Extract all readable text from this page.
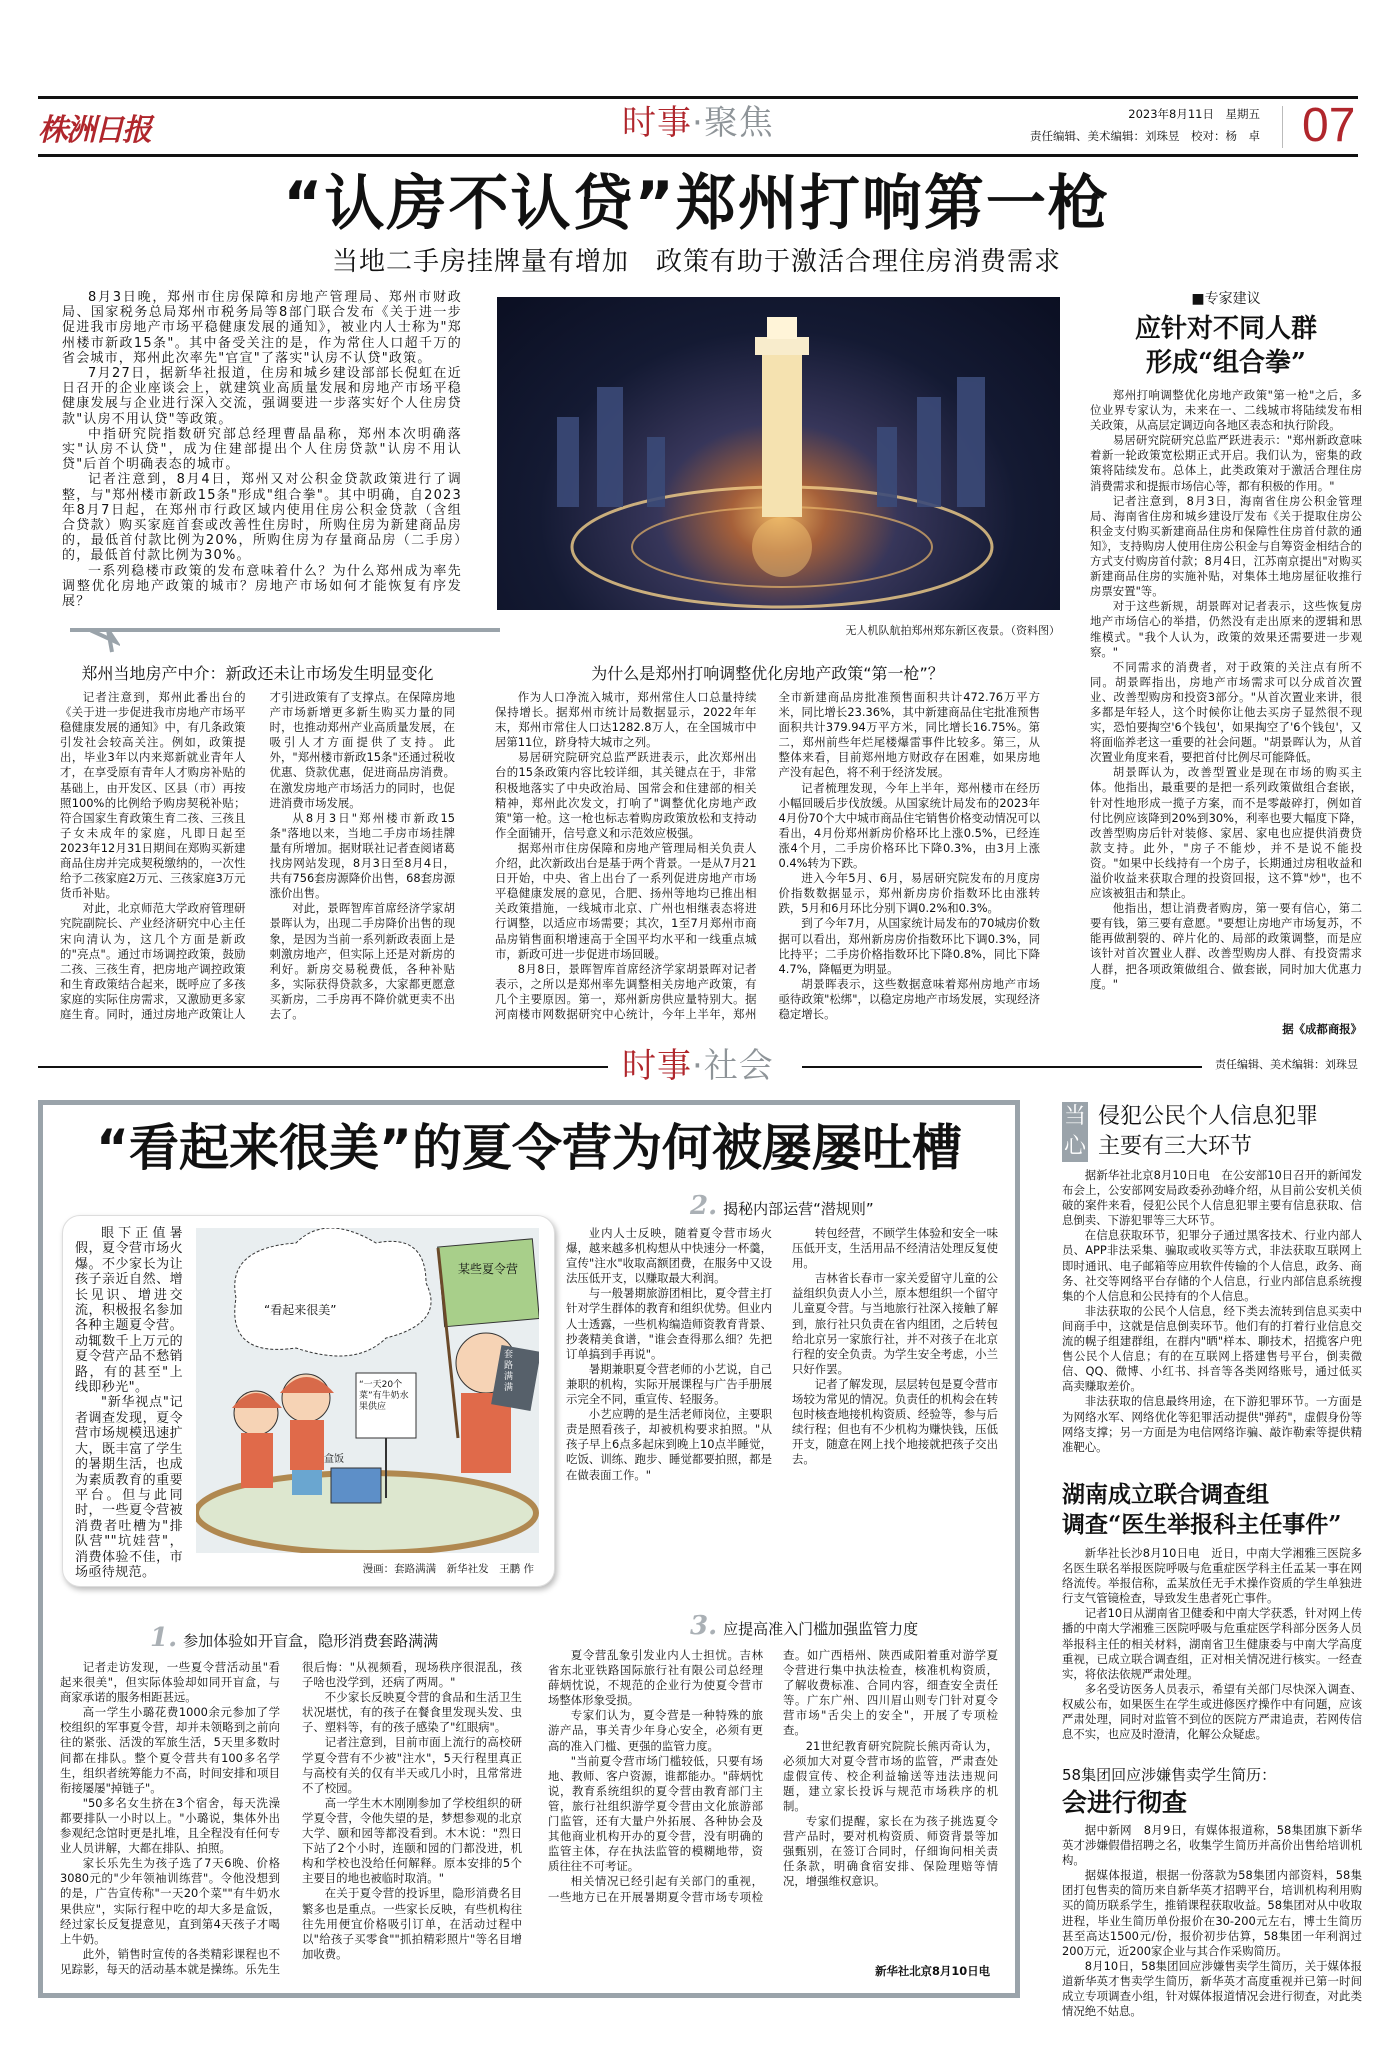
株洲日报	时事·聚焦	2023年8月11日　星期五
责任编辑、美术编辑：刘珠昱　校对：杨　卓 07
“认房不认贷”郑州打响第一枪
当地二手房挂牌量有增加　政策有助于激活合理住房消费需求

8月3日晚，郑州市住房保障和房地产管理局、郑州市财政局、国家税务总局郑州市税务局等8部门联合发布《关于进一步促进我市房地产市场平稳健康发展的通知》，被业内人士称为"郑州楼市新政15条"。其中备受关注的是，作为常住人口超千万的省会城市，郑州此次率先"官宣"了落实"认房不认贷"政策。

7月27日，据新华社报道，住房和城乡建设部部长倪虹在近日召开的企业座谈会上，就建筑业高质量发展和房地产市场平稳健康发展与企业进行深入交流，强调要进一步落实好个人住房贷款"认房不用认贷"等政策。

中指研究院指数研究部总经理曹晶晶称，郑州本次明确落实"认房不认贷"，成为住建部提出个人住房贷款"认房不用认贷"后首个明确表态的城市。

记者注意到，8月4日，郑州又对公积金贷款政策进行了调整，与"郑州楼市新政15条"形成"组合拳"。其中明确，自2023年8月7日起，在郑州市行政区域内使用住房公积金贷款（含组合贷款）购买家庭首套或改善性住房时，所购住房为新建商品房的，最低首付款比例为20%，所购住房为存量商品房（二手房）的，最低首付款比例为30%。

一系列稳楼市政策的发布意味着什么？为什么郑州成为率先调整优化房地产政策的城市？房地产市场如何才能恢复有序发展？

无人机队航拍郑州郑东新区夜景。（资料图）
郑州当地房产中介：新政还未让市场发生明显变化	为什么是郑州打响调整优化房地产政策“第一枪”？

记者注意到，郑州此番出台的《关于进一步促进我市房地产市场平稳健康发展的通知》中，有几条政策引发社会较高关注。例如，政策提出，毕业3年以内来郑新就业青年人才，在享受原有青年人才购房补贴的基础上，由开发区、区县（市）再按照100%的比例给予购房契税补贴；符合国家生育政策生育二孩、三孩且子女未成年的家庭，凡即日起至2023年12月31日期间在郑购买新建商品住房并完成契税缴纳的，一次性给予二孩家庭2万元、三孩家庭3万元货币补贴。

对此，北京师范大学政府管理研究院副院长、产业经济研究中心主任宋向清认为，这几个方面是新政的"亮点"。通过市场调控政策，鼓励二孩、三孩生育，把房地产调控政策和生育政策结合起来，既呼应了多孩家庭的实际住房需求，又激励更多家庭生育。同时，通过房地产政策让人才引进政策有了支撑点。在保障房地产市场新增更多新生购买力量的同时，也推动郑州产业高质量发展，在吸引人才方面提供了支持。此外，"郑州楼市新政15条"还通过税收优惠、贷款优惠，促进商品房消费。在激发房地产市场活力的同时，也促进消费市场发展。

从8月3日"郑州楼市新政15条"落地以来，当地二手房市场挂牌量有所增加。据财联社记者查阅诸葛找房网站发现，8月3日至8月4日，共有756套房源降价出售，68套房源涨价出售。

对此，景晖智库首席经济学家胡景晖认为，出现二手房降价出售的现象，是因为当前一系列新政表面上是刺激房地产，但实际上还是对新房的利好。新房交易税费低，各种补贴多，实际获得贷款多，大家都更愿意买新房，二手房再不降价就更卖不出去了。

作为人口净流入城市，郑州常住人口总量持续保持增长。据郑州市统计局数据显示，2022年年末，郑州市常住人口达1282.8万人，在全国城市中居第11位，跻身特大城市之列。

易居研究院研究总监严跃进表示，此次郑州出台的15条政策内容比较详细，其关键点在于，非常积极地落实了中央政治局、国常会和住建部的相关精神，郑州此次发文，打响了"调整优化房地产政策"第一枪。这一枪也标志着购房政策放松和支持动作全面铺开，信号意义和示范效应极强。

据郑州市住房保障和房地产管理局相关负责人介绍，此次新政出台是基于两个背景。一是从7月21日开始，中央、省上出台了一系列促进房地产市场平稳健康发展的意见，合肥、扬州等地均已推出相关政策措施，一线城市北京、广州也相继表态将进行调整，以适应市场需要；其次，1至7月郑州市商品房销售面积增速高于全国平均水平和一线重点城市，新政可进一步促进市场回暖。

8月8日，景晖智库首席经济学家胡景晖对记者表示，之所以是郑州率先调整相关房地产政策，有几个主要原因。第一，郑州新房供应量特别大。据河南楼市网数据研究中心统计，今年上半年，郑州全市新建商品房批准预售面积共计472.76万平方米，同比增长23.36%，其中新建商品住宅批准预售面积共计379.94万平方米，同比增长16.75%。第二，郑州前些年烂尾楼爆雷事件比较多。第三，从整体来看，目前郑州地方财政存在困难，如果房地产没有起色，将不利于经济发展。

记者梳理发现，今年上半年，郑州楼市在经历小幅回暖后步伐放缓。从国家统计局发布的2023年4月份70个大中城市商品住宅销售价格变动情况可以看出，4月份郑州新房价格环比上涨0.5%，已经连涨4个月，二手房价格环比下降0.3%，由3月上涨0.4%转为下跌。

进入今年5月、6月，易居研究院发布的月度房价指数数据显示，郑州新房房价指数环比由涨转跌，5月和6月环比分别下调0.2%和0.3%。

到了今年7月，从国家统计局发布的70城房价数据可以看出，郑州新房房价指数环比下调0.3%，同比持平；二手房价格指数环比下降0.8%，同比下降4.7%，降幅更为明显。

胡景晖表示，这些数据意味着郑州房地产市场亟待政策"松绑"，以稳定房地产市场发展，实现经济稳定增长。

■专家建议
应针对不同人群
形成“组合拳”

郑州打响调整优化房地产政策"第一枪"之后，多位业界专家认为，未来在一、二线城市将陆续发布相关政策，从高层定调迈向各地区表态和执行阶段。

易居研究院研究总监严跃进表示："郑州新政意味着新一轮政策宽松期正式开启。我们认为，密集的政策将陆续发布。总体上，此类政策对于激活合理住房消费需求和提振市场信心等，都有积极的作用。"

记者注意到，8月3日，海南省住房公积金管理局、海南省住房和城乡建设厅发布《关于提取住房公积金支付购买新建商品住房和保障性住房首付款的通知》，支持购房人使用住房公积金与自筹资金相结合的方式支付购房首付款；8月4日，江苏南京提出"对购买新建商品住房的实施补贴，对集体土地房屋征收推行房票安置"等。

对于这些新规，胡景晖对记者表示，这些恢复房地产市场信心的举措，仍然没有走出原来的逻辑和思维模式。"我个人认为，政策的效果还需要进一步观察。"

不同需求的消费者，对于政策的关注点有所不同。胡景晖指出，房地产市场需求可以分成首次置业、改善型购房和投资3部分。"从首次置业来讲，很多都是年轻人，这个时候你让他去买房子显然很不现实，恐怕要掏空'6个钱包'，如果掏空了'6个钱包'，又将面临养老这一重要的社会问题。"胡景晖认为，从首次置业角度来看，要把首付比例尽可能降低。

胡景晖认为，改善型置业是现在市场的购买主体。他指出，最重要的是把一系列政策做组合套嵌，针对性地形成一揽子方案，而不是零敲碎打，例如首付比例应该降到20%到30%，利率也要大幅度下降，改善型购房后针对装修、家居、家电也应提供消费贷款支持。此外，"房子不能炒，并不是说不能投资。"如果中长线持有一个房子，长期通过房租收益和溢价收益来获取合理的投资回报，这不算"炒"，也不应该被狙击和禁止。

他指出，想让消费者购房，第一要有信心，第二要有钱，第三要有意愿。"要想让房地产市场复苏，不能再做割裂的、碎片化的、局部的政策调整，而是应该针对首次置业人群、改善型购房人群、有投资需求人群，把各项政策做组合、做套嵌，同时加大优惠力度。"

据《成都商报》
时事·社会	责任编辑、美术编辑：刘珠昱
“看起来很美”的夏令营为何被屡屡吐槽

眼下正值暑假，夏令营市场火爆。不少家长为让孩子亲近自然、增长见识、增进交流，积极报名参加各种主题夏令营。动辄数千上万元的夏令营产品不愁销路，有的甚至"上线即秒光"。

"新华视点"记者调查发现，夏令营市场规模迅速扩大，既丰富了学生的暑期生活，也成为素质教育的重要平台。但与此同时，一些夏令营被消费者吐槽为"排队营""坑娃营"，消费体验不佳，市场亟待规范。

某些夏令营
“看起来很美”
“一天20个菜”有牛奶水果供应
套路满满
盒饭
漫画：套路满满　新华社发　王鹏 作
2. 揭秘内部运营“潜规则”

业内人士反映，随着夏令营市场火爆，越来越多机构想从中快速分一杯羹，宣传"注水"收取高额团费，在服务中又设法压低开支，以赚取最大利润。

与一般暑期旅游团相比，夏令营主打针对学生群体的教育和组织优势。但业内人士透露，一些机构编造师资教育背景、抄袭精美食谱，"谁会查得那么细？先把订单搞到手再说"。

暑期兼职夏令营老师的小艺说，自己兼职的机构，实际开展课程与广告手册展示完全不同，重宣传、轻服务。

小艺应聘的是生活老师岗位，主要职责是照看孩子，却被机构要求拍照。"从孩子早上6点多起床到晚上10点半睡觉，吃饭、训练、跑步、睡觉都要拍照，都是在做表面工作。"

转包经营，不顾学生体验和安全一味压低开支，生活用品不经清洁处理反复使用。

吉林省长春市一家关爱留守儿童的公益组织负责人小兰，原本想组织一个留守儿童夏令营。与当地旅行社深入接触了解到，旅行社只负责在省内组团，之后转包给北京另一家旅行社，并不对孩子在北京行程的安全负责。为学生安全考虑，小兰只好作罢。

记者了解发现，层层转包是夏令营市场较为常见的情况。负责任的机构会在转包时核查地接机构资质、经验等，参与后续行程；但也有不少机构为赚快钱，压低开支，随意在网上找个地接就把孩子交出去。

1. 参加体验如开盲盒，隐形消费套路满满

记者走访发现，一些夏令营活动虽"看起来很美"，但实际体验却如同开盲盒，与商家承诺的服务相距甚远。

高一学生小璐花费1000余元参加了学校组织的军事夏令营，却并未领略到之前向往的紧张、活泼的军旅生活，5天里多数时间都在排队。整个夏令营共有100多名学生，组织者统筹能力不高，时间安排和项目衔接屡屡"掉链子"。

"50多名女生挤在3个宿舍，每天洗澡都要排队一小时以上。"小璐说，集体外出参观纪念馆时更是扎堆，且全程没有任何专业人员讲解，大都在排队、拍照。

家长乐先生为孩子选了7天6晚、价格3080元的"少年领袖训练营"。令他没想到的是，广告宣传称"一天20个菜""有牛奶水果供应"，实际行程中吃的却大多是盒饭，经过家长反复提意见，直到第4天孩子才喝上牛奶。

此外，销售时宣传的各类精彩课程也不见踪影，每天的活动基本就是操练。乐先生很后悔："从视频看，现场秩序很混乱，孩子啥也没学到，还病了两周。"

不少家长反映夏令营的食品和生活卫生状况堪忧，有的孩子在餐食里发现头发、虫子、塑料等，有的孩子感染了"红眼病"。

记者注意到，目前市面上流行的高校研学夏令营有不少被"注水"，5天行程里真正与高校有关的仅有半天或几小时，且常常进不了校园。

高一学生木木刚刚参加了学校组织的研学夏令营，令他失望的是，梦想参观的北京大学、颐和园等都没看到。木木说："烈日下站了2个小时，连颐和园的门都没进，机构和学校也没给任何解释。原本安排的5个主要目的地也被临时取消。"

在关于夏令营的投诉里，隐形消费名目繁多也是重点。一些家长反映，有些机构往往先用便宜价格吸引订单，在活动过程中以"给孩子买零食""抓拍精彩照片"等名目增加收费。

3. 应提高准入门槛加强监管力度

夏令营乱象引发业内人士担忧。吉林省东北亚铁路国际旅行社有限公司总经理薛炳忱说，不规范的企业行为使夏令营市场整体形象受损。

专家们认为，夏令营是一种特殊的旅游产品，事关青少年身心安全，必须有更高的准入门槛、更强的监管力度。

"当前夏令营市场门槛较低，只要有场地、教师、客户资源，谁都能办。"薛炳忱说，教育系统组织的夏令营由教育部门主管，旅行社组织游学夏令营由文化旅游部门监管，还有大量户外拓展、各种协会及其他商业机构开办的夏令营，没有明确的监管主体，存在执法监管的模糊地带，资质往往不可考证。

相关情况已经引起有关部门的重视，一些地方已在开展暑期夏令营市场专项检查。如广西梧州、陕西咸阳着重对游学夏令营进行集中执法检查，核准机构资质，了解收费标准、合同内容，细查安全责任等。广东广州、四川眉山则专门针对夏令营市场"舌尖上的安全"，开展了专项检查。

21世纪教育研究院院长熊丙奇认为，必须加大对夏令营市场的监管，严肃查处虚假宣传、校企利益输送等违法违规问题，建立家长投诉与规范市场秩序的机制。

专家们提醒，家长在为孩子挑选夏令营产品时，要对机构资质、师资背景等加强甄别，在签订合同时，仔细询问相关责任条款，明确食宿安排、保险理赔等情况，增强维权意识。

新华社北京8月10日电
当心
侵犯公民个人信息犯罪
主要有三大环节

据新华社北京8月10日电　在公安部10日召开的新闻发布会上，公安部网安局政委孙劲峰介绍，从目前公安机关侦破的案件来看，侵犯公民个人信息犯罪主要有信息获取、信息倒卖、下游犯罪等三大环节。

在信息获取环节，犯罪分子通过黑客技术、行业内部人员、APP非法采集、骗取或收买等方式，非法获取互联网上即时通讯、电子邮箱等应用软件传输的个人信息，政务、商务、社交等网络平台存储的个人信息，行业内部信息系统搜集的个人信息和公民持有的个人信息。

非法获取的公民个人信息，经下类去流转到信息买卖中间商手中，这就是信息倒卖环节。他们有的打着行业信息交流的幌子组建群组，在群内"晒"样本、聊技术，招揽客户兜售公民个人信息；有的在互联网上搭建售号平台，倒卖微信、QQ、微博、小红书、抖音等各类网络账号，通过低买高卖赚取差价。

非法获取的信息最终用途，在下游犯罪环节。一方面是为网络水军、网络优化等犯罪活动提供"弹药"，虚假身份等网络支撑；另一方面是为电信网络诈骗、敲诈勒索等提供精准靶心。

湖南成立联合调查组
调查“医生举报科主任事件”

新华社长沙8月10日电　近日，中南大学湘雅三医院多名医生联名举报医院呼吸与危重症医学科主任孟某一事在网络流传。举报信称，孟某放任无手术操作资质的学生单独进行支气管镜检查，导致发生患者死亡事件。

记者10日从湖南省卫健委和中南大学获悉，针对网上传播的中南大学湘雅三医院呼吸与危重症医学科部分医务人员举报科主任的相关材料，湖南省卫生健康委与中南大学高度重视，已成立联合调查组，正对相关情况进行核实。一经查实，将依法依规严肃处理。

多名受访医务人员表示，希望有关部门尽快深入调查、权威公布，如果医生在学生或进修医疗操作中有问题，应该严肃处理，同时对监管不到位的医院方严肃追责，若网传信息不实，也应及时澄清，化解公众疑虑。

58集团回应涉嫌售卖学生简历：
会进行彻查

据中新网　8月9日，有媒体报道称，58集团旗下新华英才涉嫌假借招聘之名，收集学生简历并高价出售给培训机构。

据媒体报道，根据一份落款为58集团内部资料，58集团打包售卖的简历来自新华英才招聘平台，培训机构利用购买的简历联系学生，推销课程获取收益。58集团对从中收取进程，毕业生简历单份报价在30-200元左右，博士生简历甚至高达1500元/份，报价初步估算，58集团一年利润过200万元，近200家企业与其合作采购简历。

8月10日，58集团回应涉嫌售卖学生简历，关于媒体报道新华英才售卖学生简历，新华英才高度重视并已第一时间成立专项调查小组，针对媒体报道情况会进行彻查，对此类情况绝不姑息。
